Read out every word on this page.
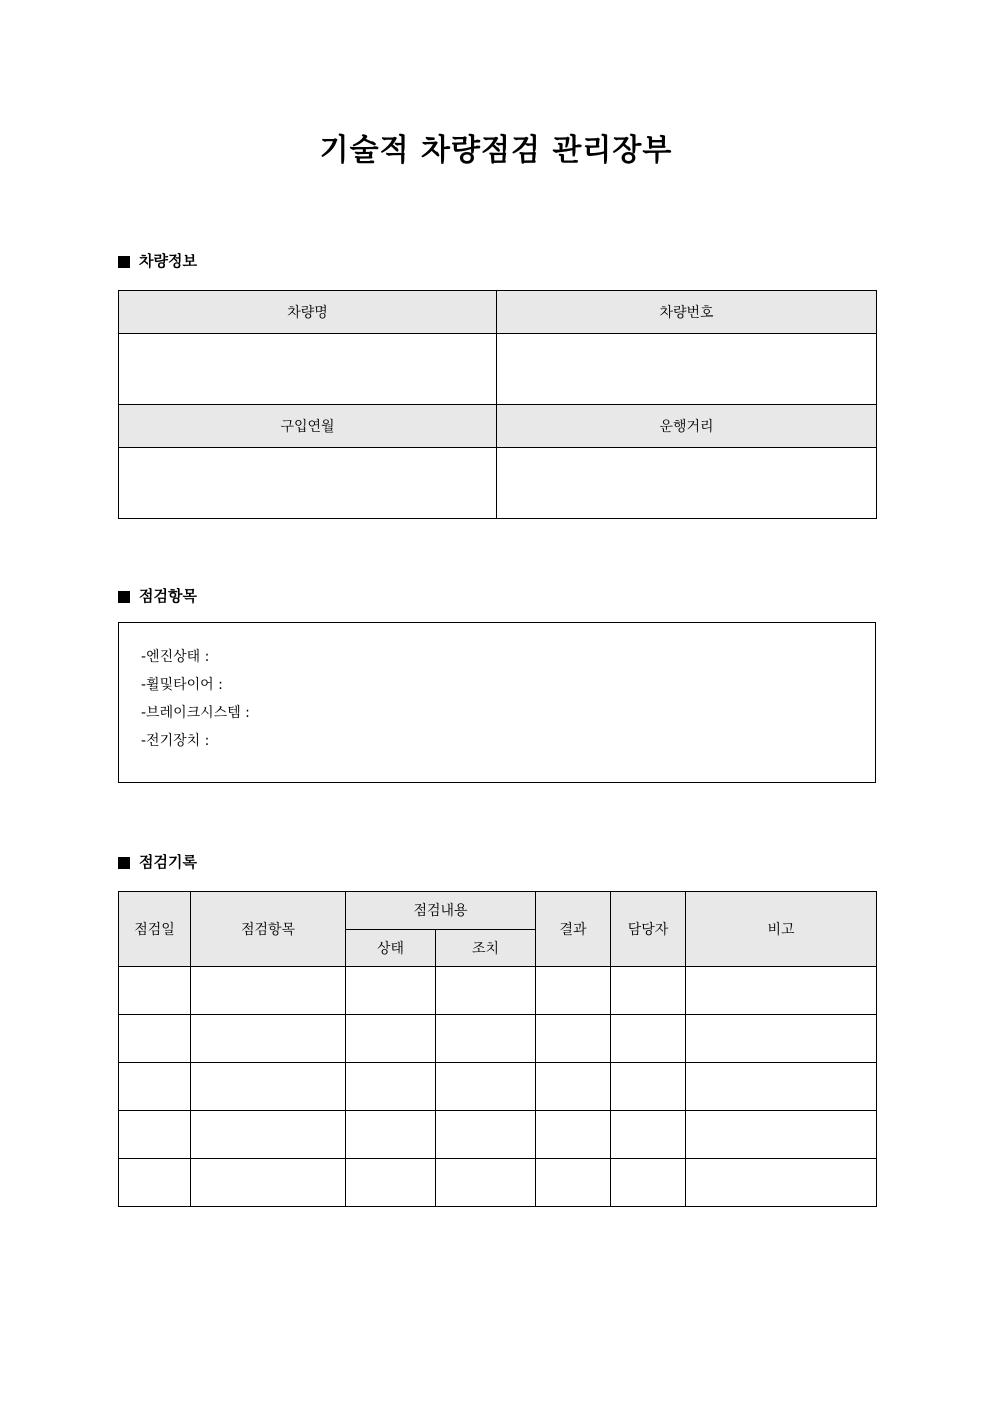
기술적 차량점검 관리장부
차량정보
차량명	차량번호

구입연월	운행거리

점검항목
-엔진상태 :
-휠및타이어 :
-브레이크시스템 :
-전기장치 :
점검기록
점검일	점검항목	점검내용		결과	담당자	비고
		상태	조치			
